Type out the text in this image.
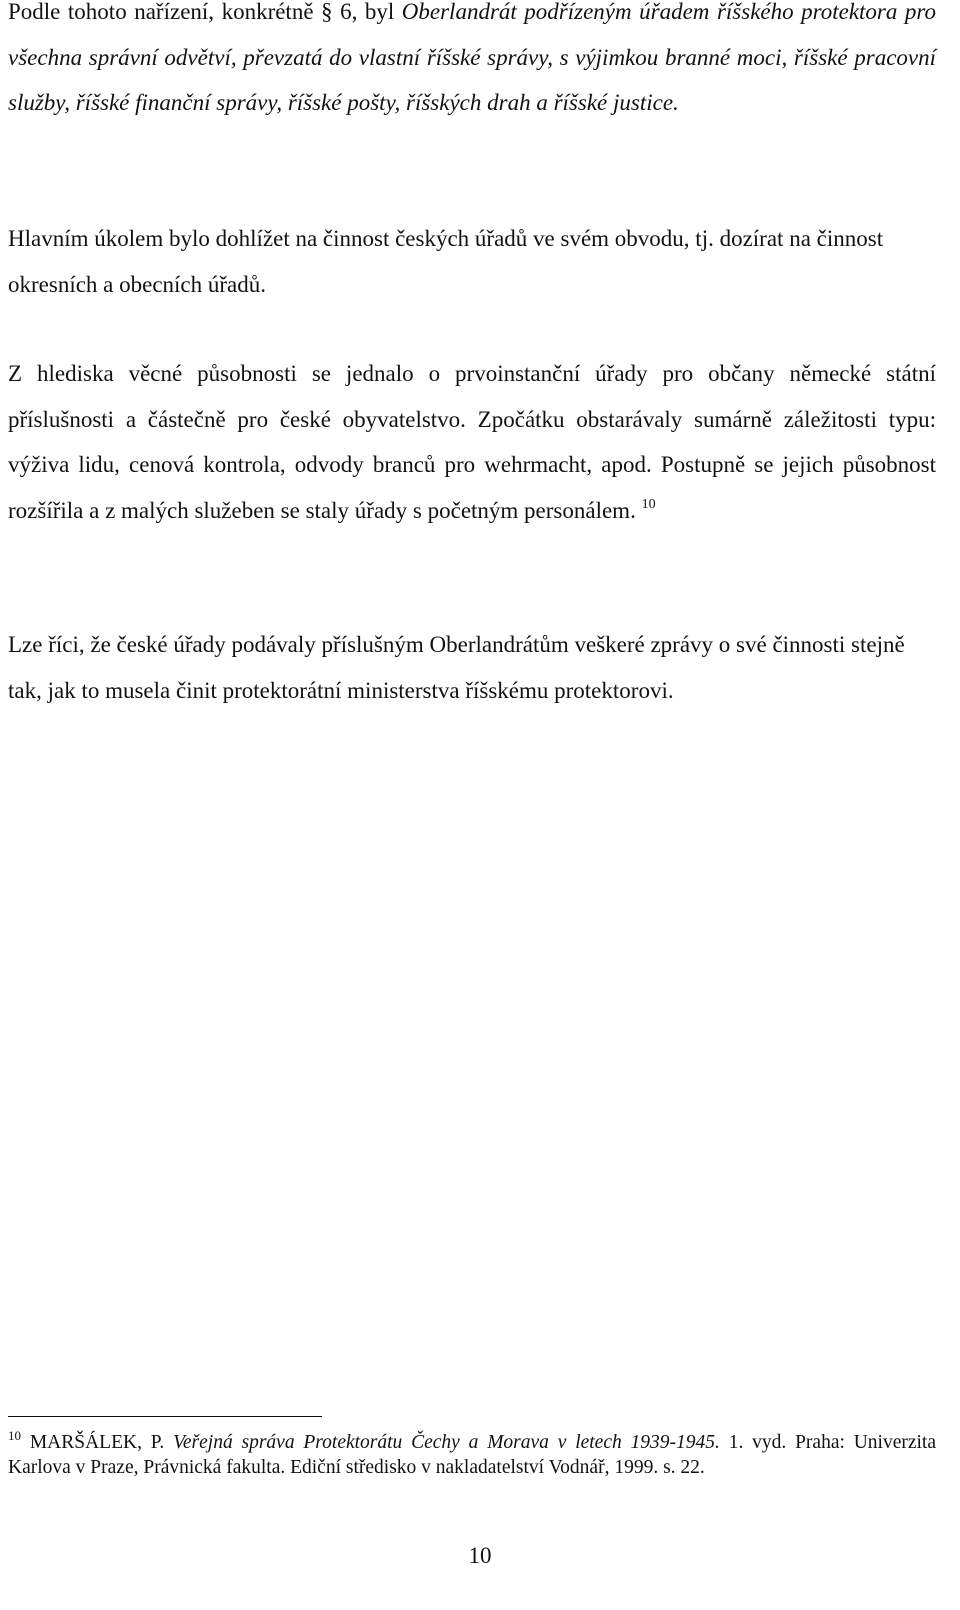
Podle tohoto nařízení, konkrétně § 6, byl Oberlandrát podřízeným úřadem říšského protektora pro všechna správní odvětví, převzatá do vlastní říšské správy, s výjimkou branné moci, říšské pracovní služby, říšské finanční správy, říšské pošty, říšských drah a říšské justice.

Hlavním úkolem bylo dohlížet na činnost českých úřadů ve svém obvodu, tj. dozírat na činnost okresních a obecních úřadů.

Z hlediska věcné působnosti se jednalo o prvoinstanční úřady pro občany německé státní příslušnosti a částečně pro české obyvatelstvo. Zpočátku obstarávaly sumárně záležitosti typu: výživa lidu, cenová kontrola, odvody branců pro wehrmacht, apod. Postupně se jejich působnost rozšířila a z malých služeben se staly úřady s početným personálem. $^{10}$

Lze říci, že české úřady podávaly příslušným Oberlandrátům veškeré zprávy o své činnosti stejně tak, jak to musela činit protektorátní ministerstva říšskému protektorovi.

$^{10}$ MARŠÁLEK, P. Veřejná správa Protektorátu Čechy a Morava v letech 1939-1945. 1. vyd. Praha: Univerzita Karlova v Praze, Právnická fakulta. Ediční středisko v nakladatelství Vodnář, 1999. s. 22.

10
